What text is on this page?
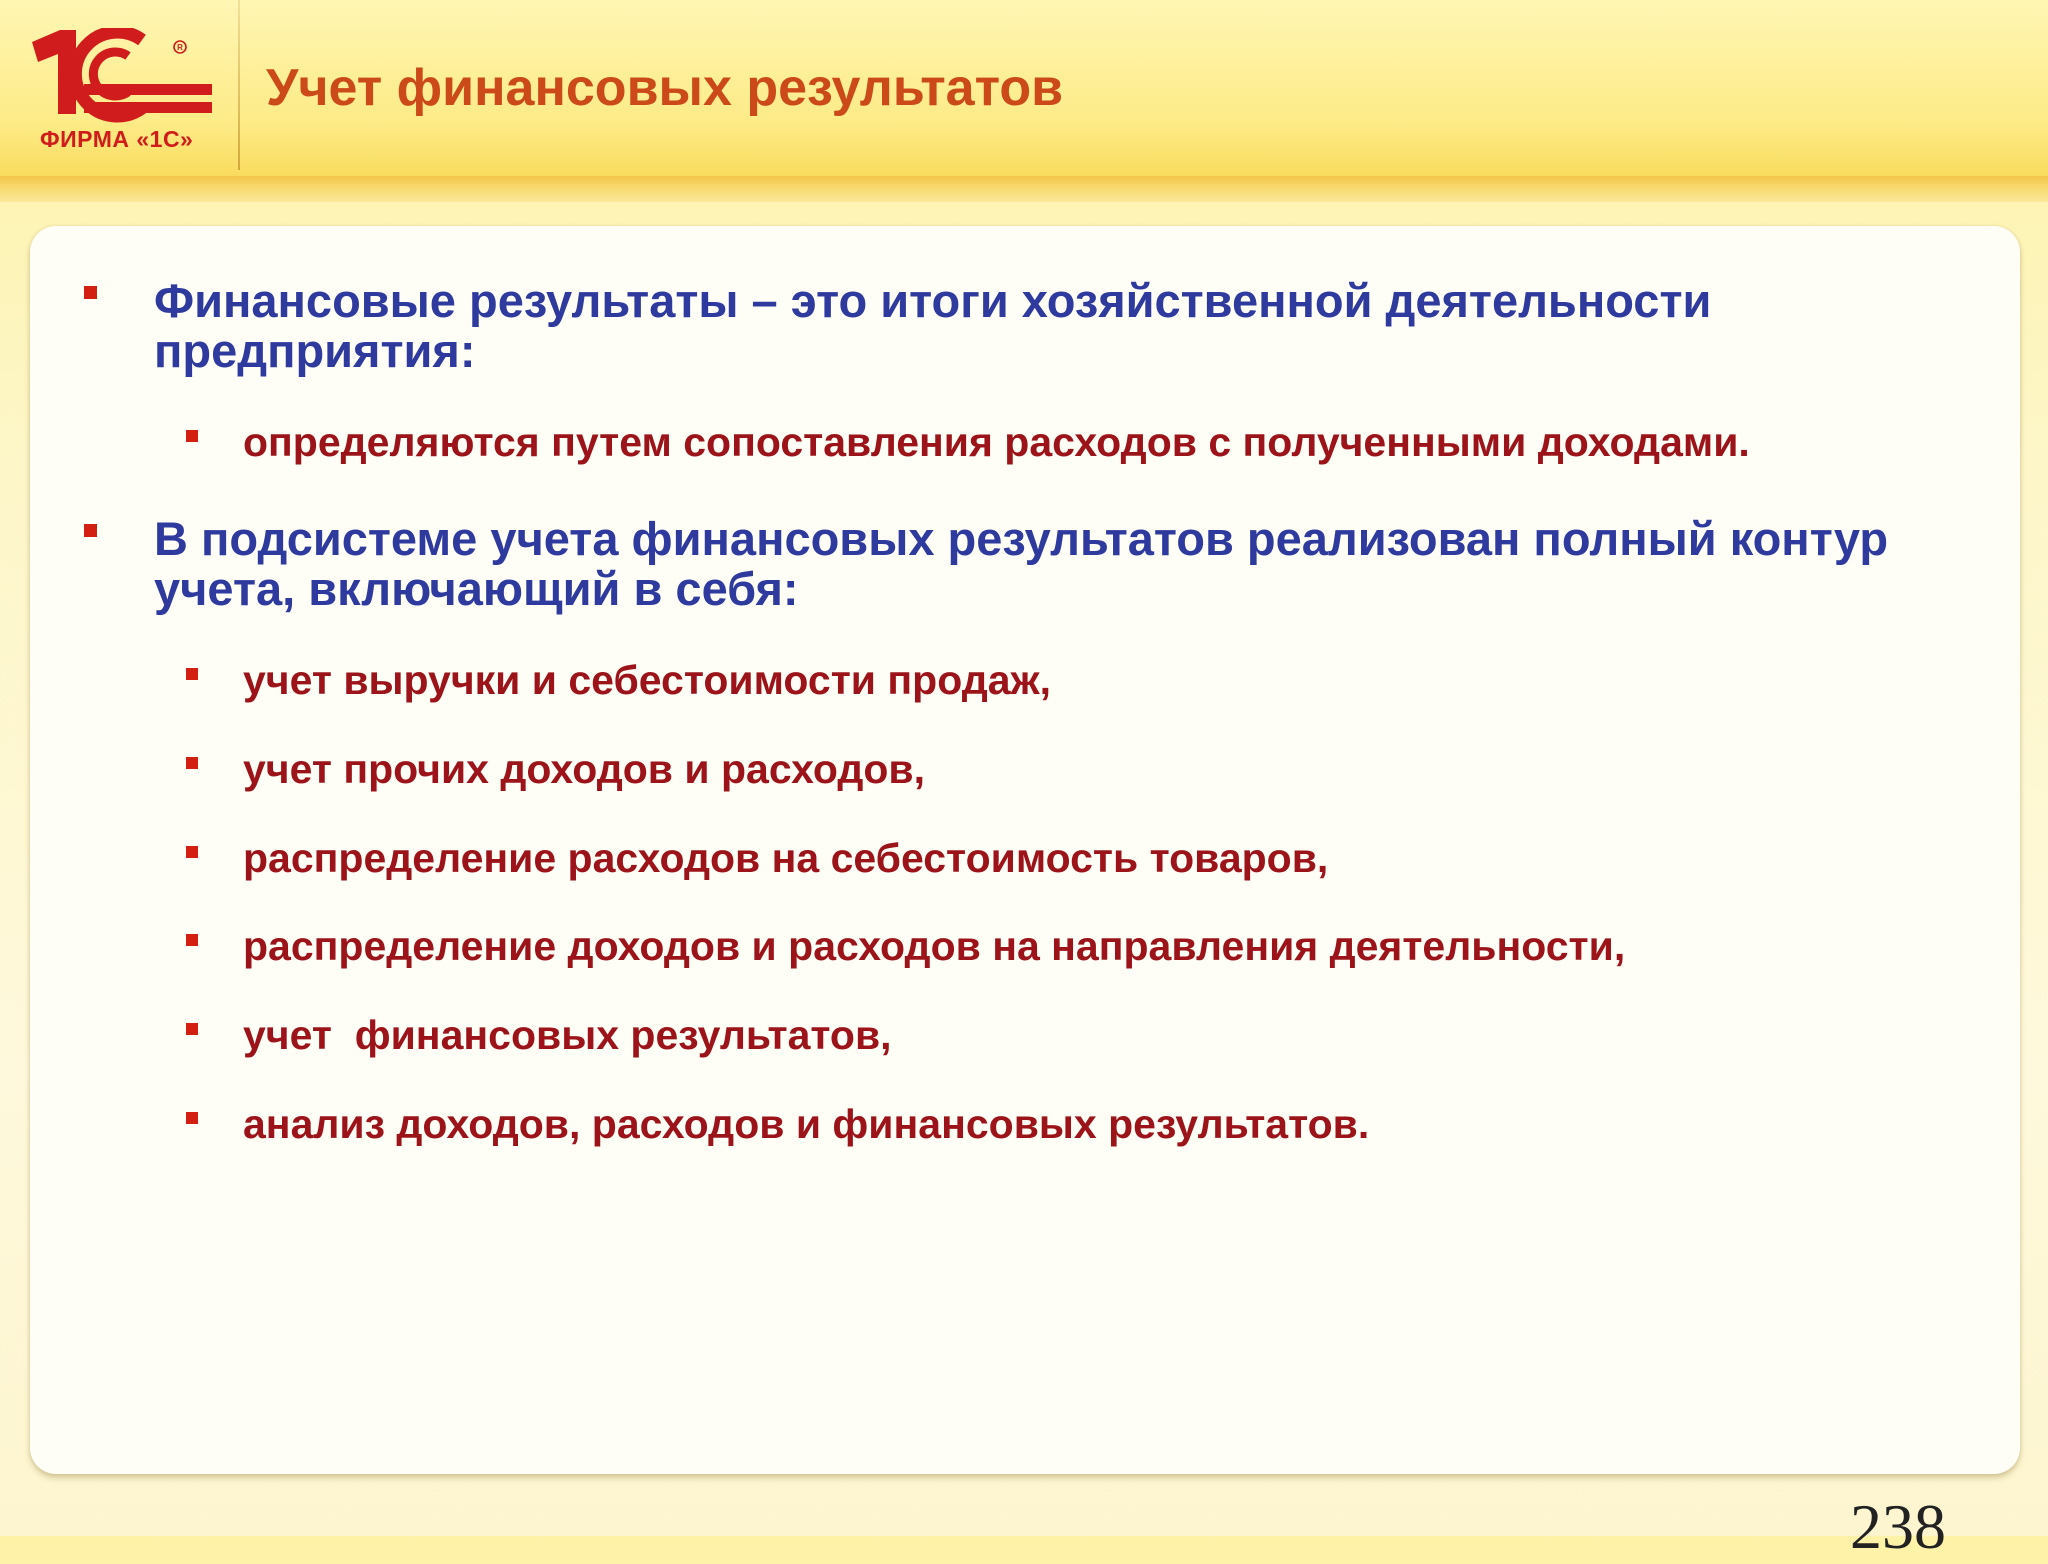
R
ФИРМА «1С»
Учет финансовых результатов
Финансовые результаты – это итоги хозяйственной деятельности предприятия:
определяются путем сопоставления расходов с полученными доходами.
В подсистеме учета финансовых результатов реализован полный контур учета, включающий в себя:
учет выручки и себестоимости продаж,
учет прочих доходов и расходов,
распределение расходов на себестоимость товаров,
распределение доходов и расходов на направления деятельности,
учет  финансовых результатов,
анализ доходов, расходов и финансовых результатов.
238
